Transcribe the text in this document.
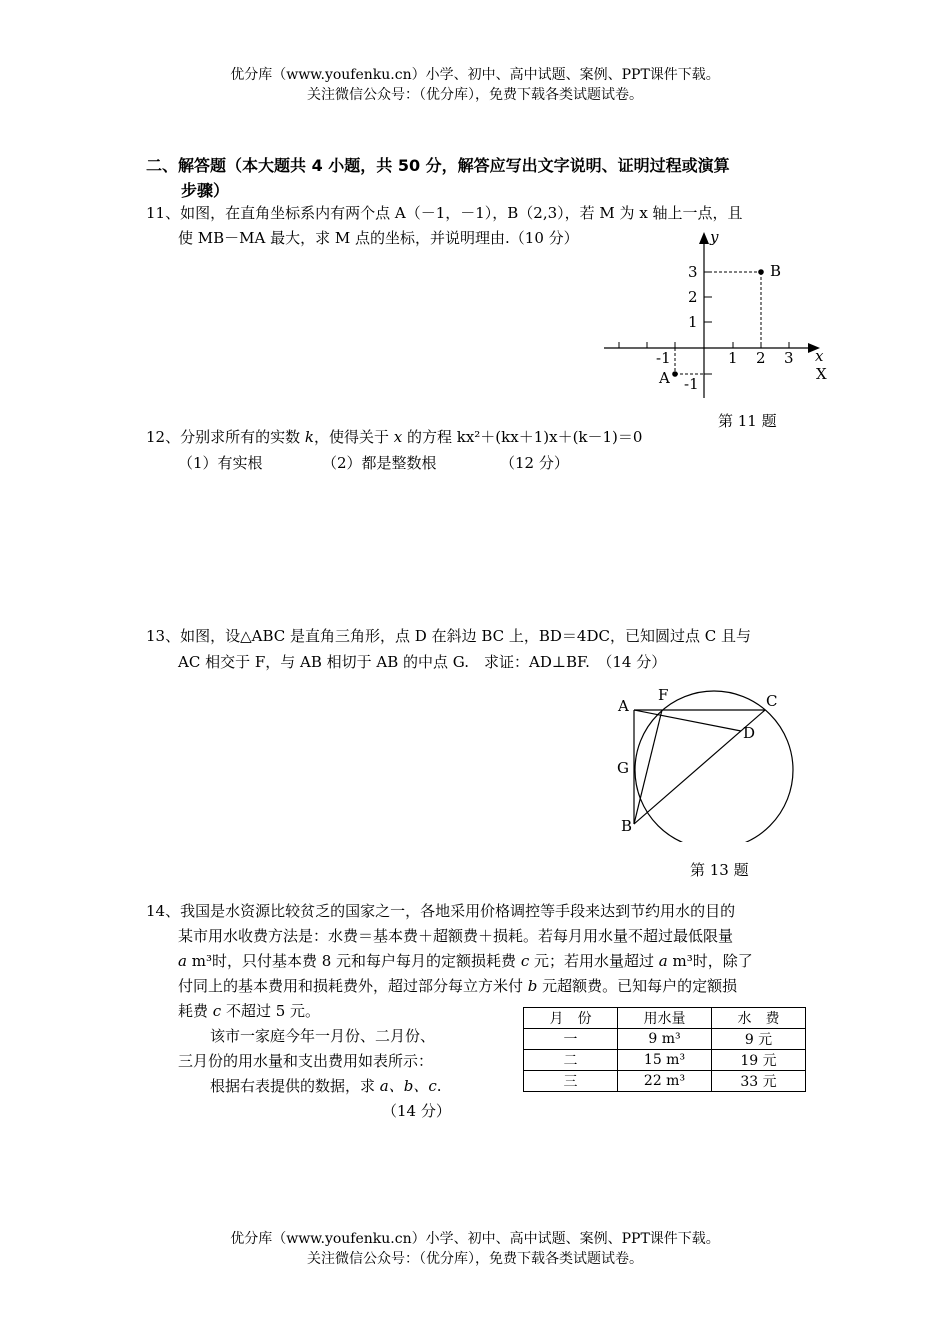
优分库（www.youfenku.cn）小学、初中、高中试题、案例、PPT课件下载。
关注微信公众号：（优分库），免费下载各类试题试卷。
二、解答题（本大题共 4 小题，共 50 分，解答应写出文字说明、证明过程或演算
步骤）
11、如图，在直角坐标系内有两个点 A（－1，－1），B（2,3），若 M 为 x 轴上一点，且
使 MB－MA 最大，求 M 点的坐标，并说明理由.（10 分）	y
x
X
3
2
1
-1
-1	1 2 3
B
A
第 11 题
12、分别求所有的实数 k，使得关于 x 的方程 kx²＋(kx＋1)x＋(k－1)＝0
（1）有实根	（2）都是整数根	（12 分）
13、如图，设△ABC 是直角三角形，点 D 在斜边 BC 上，BD＝4DC，已知圆过点 C 且与
AC 相交于 F，与 AB 相切于 AB 的中点 G.　求证：AD⊥BF.　（14 分）
A
F	C
D
G
B
第 13 题
14、我国是水资源比较贫乏的国家之一，各地采用价格调控等手段来达到节约用水的目的
某市用水收费方法是：水费＝基本费＋超额费＋损耗。若每月用水量不超过最低限量
a m³时，只付基本费 8 元和每户每月的定额损耗费 c 元；若用水量超过 a m³时，除了
付同上的基本费用和损耗费外，超过部分每立方米付 b 元超额费。已知每户的定额损
耗费 c 不超过 5 元。
该市一家庭今年一月份、二月份、
三月份的用水量和支出费用如表所示：
根据右表提供的数据，求 a、b、c.
（14 分）
月　份	用水量	水　费
一	9 m³	9 元
二	15 m³	19 元
三	22 m³	33 元
优分库（www.youfenku.cn）小学、初中、高中试题、案例、PPT课件下载。
关注微信公众号：（优分库），免费下载各类试题试卷。
